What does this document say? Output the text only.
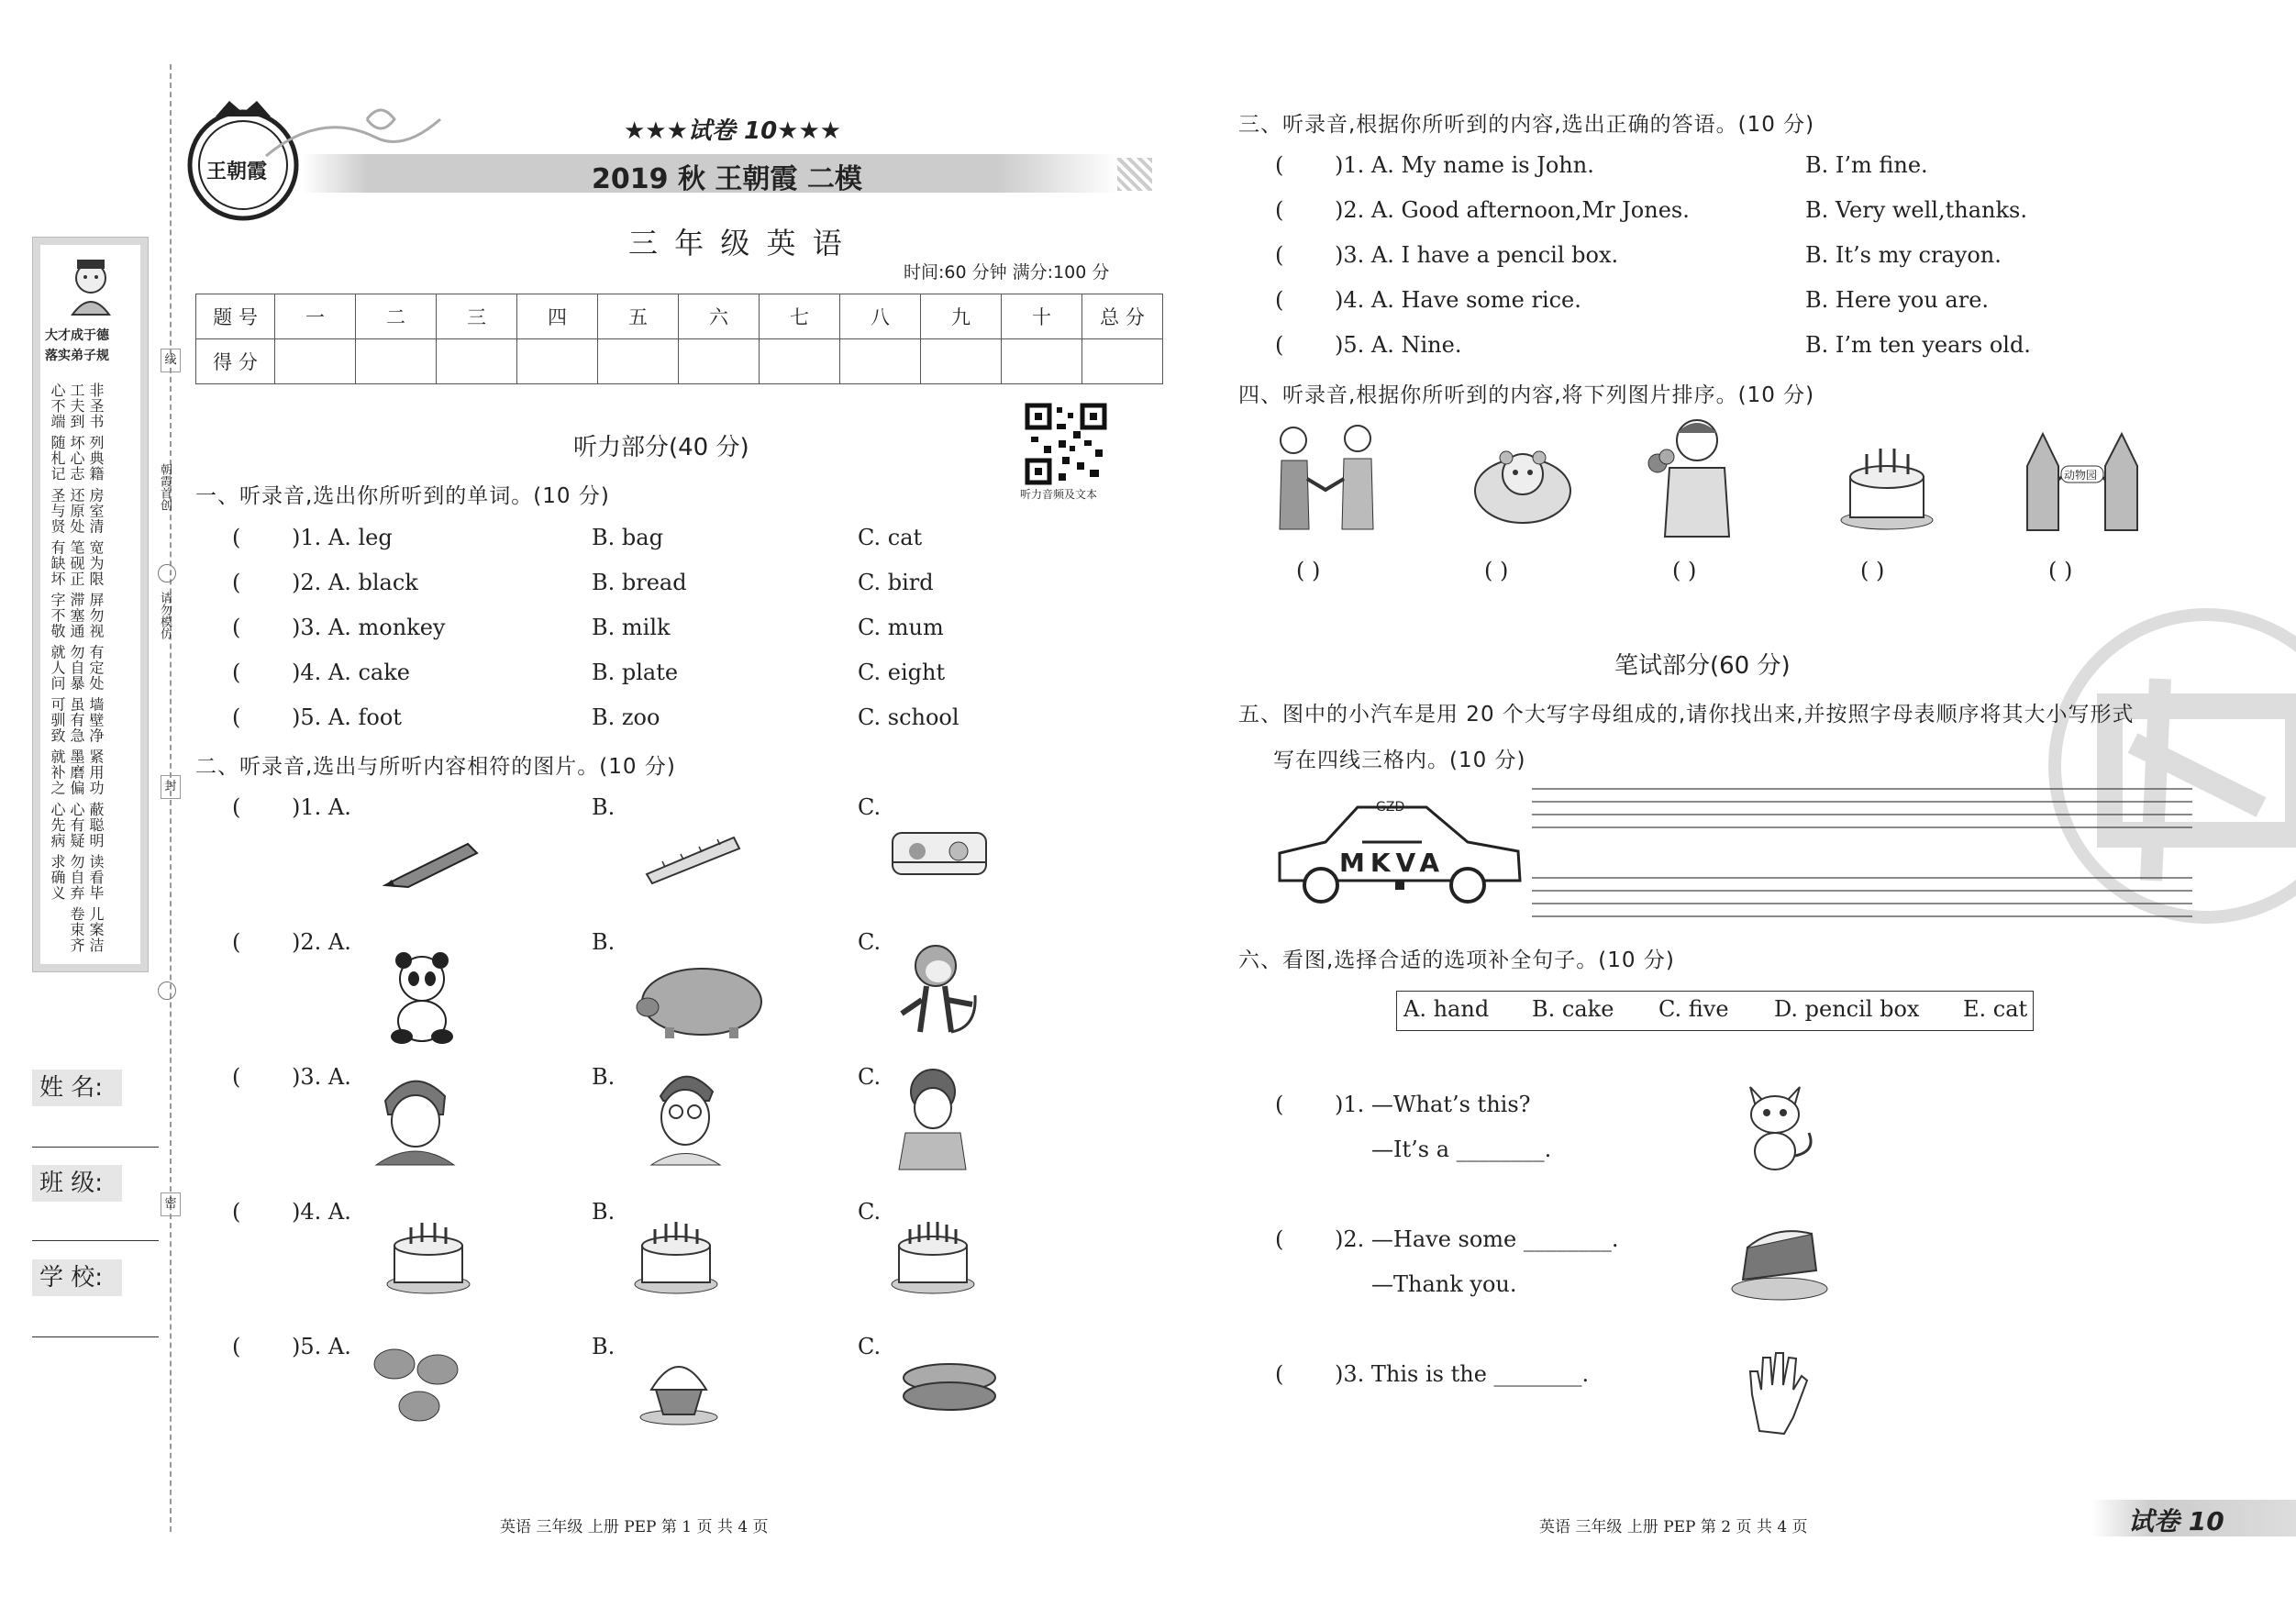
线
朝霞首创
请勿模仿
封
密
大才成于德
落实弟子规
非圣书 列典籍 房室清 宽为限 屏勿视 有定处 墙壁净 紧用功 蔽聪明 读看毕 儿案洁 工夫到 坏心志 还原处 笔砚正 滞塞通 勿自暴 虽有急 墨磨偏 心有疑 勿自弃 卷束齐 心不端 随札记 圣与贤 有缺坏 字不敬 就人问 可驯致 就补之 心先病 求确义
姓 名:
班 级:
学 校:
王朝霞
★★★试卷 10★★★
2019 秋 王朝霞 二模
三 年 级 英 语
时间:60 分钟 满分:100 分
题 号	一	二	三	四	五	六	七	八	九	十	总 分
得 分											
听力部分(40 分)
听力音频及文本
一、听录音,选出你所听到的单词。(10 分)
( )1. A. leg	B. bag	C. cat
( )2. A. black	B. bread	C. bird
( )3. A. monkey	B. milk	C. mum
( )4. A. cake	B. plate	C. eight
( )5. A. foot	B. zoo	C. school
二、听录音,选出与所听内容相符的图片。(10 分)
( )1. A.	B.	C.
( )2. A.	B.	C.
( )3. A.	B.	C.
( )4. A.	B.	C.
( )5. A.	B.	C.
三、听录音,根据你所听到的内容,选出正确的答语。(10 分)
( )1. A. My name is John.	B. I’m fine.
( )2. A. Good afternoon,Mr Jones.	B. Very well,thanks.
( )3. A. I have a pencil box.	B. It’s my crayon.
( )4. A. Have some rice.	B. Here you are.
( )5. A. Nine.	B. I’m ten years old.
四、听录音,根据你所听到的内容,将下列图片排序。(10 分)
动物园
( )	( )	( )	( )	( )
笔试部分(60 分)
五、图中的小汽车是用 20 个大写字母组成的,请你找出来,并按照字母表顺序将其大小写形式
写在四线三格内。(10 分)
GZD
MKVA
六、看图,选择合适的选项补全句子。(10 分)
A. hand B. cake C. five D. pencil box E. cat
( )1. —What’s this?
—It’s a ________.
( )2. —Have some ________.
—Thank you.
( )3. This is the ________.
英语 三年级 上册 PEP 第 1 页 共 4 页	英语 三年级 上册 PEP 第 2 页 共 4 页	试卷 10
